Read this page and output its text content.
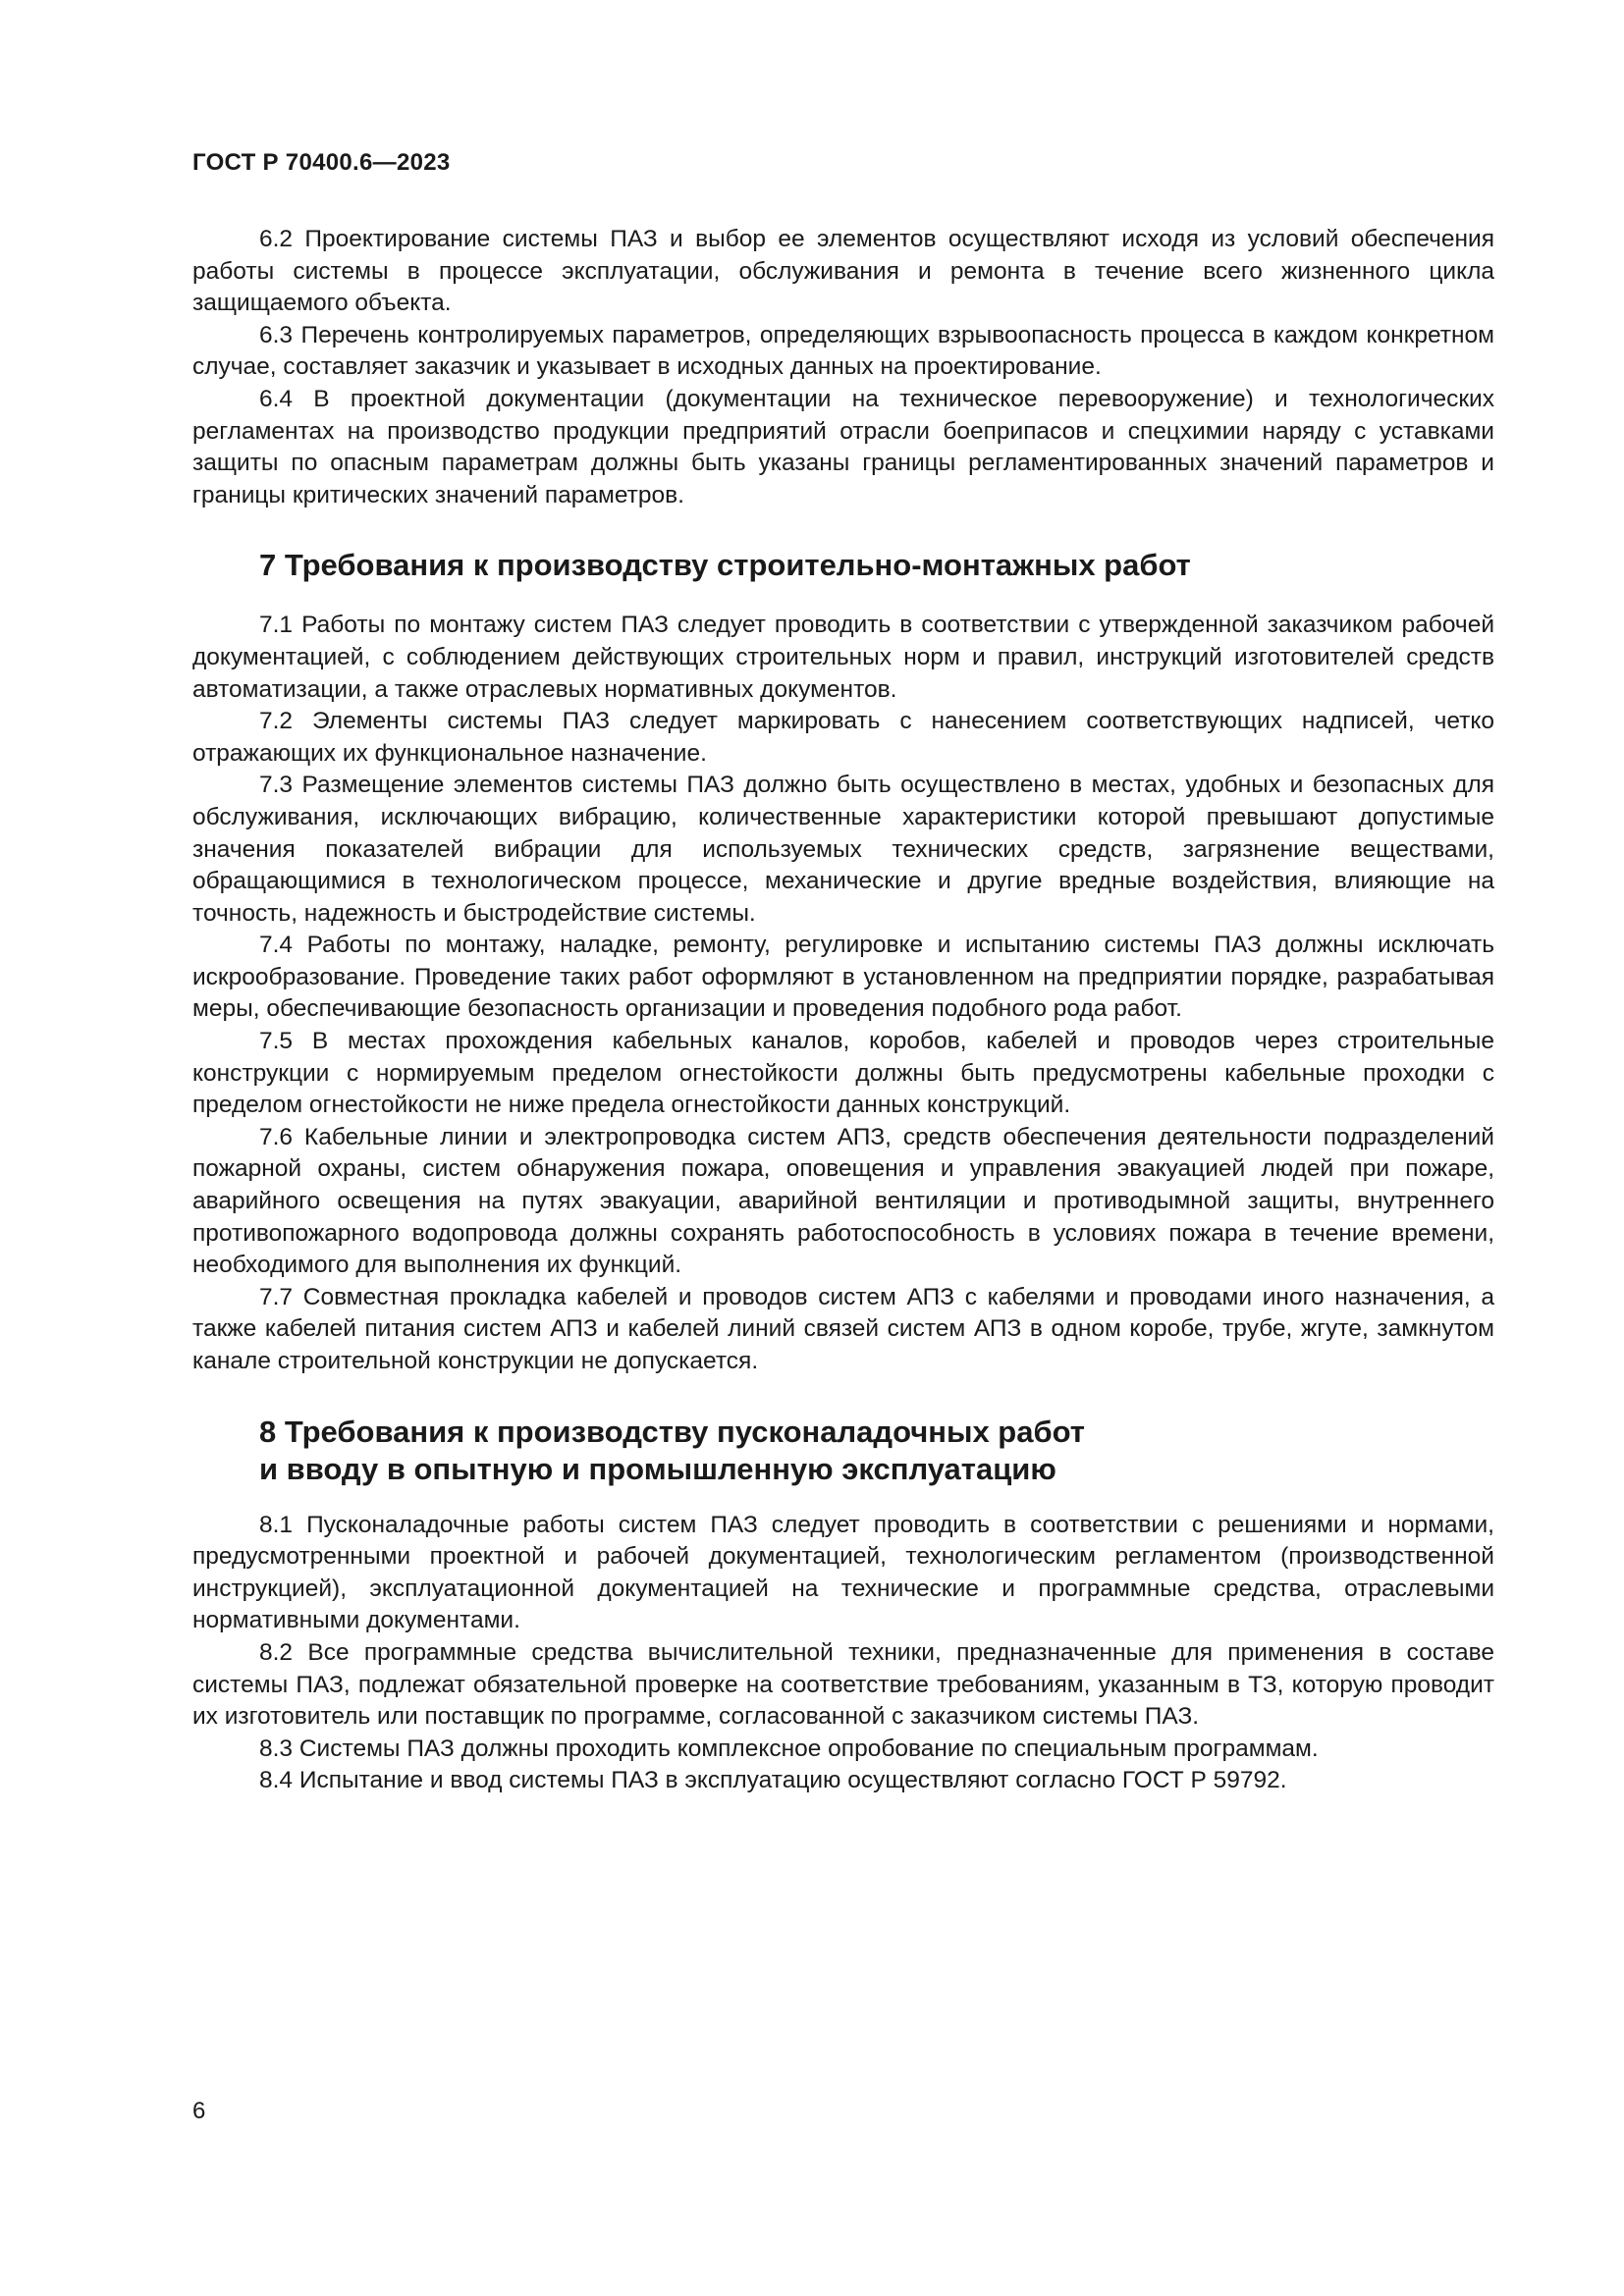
ГОСТ Р 70400.6—2023

6.2 Проектирование системы ПАЗ и выбор ее элементов осуществляют исходя из условий обеспечения работы системы в процессе эксплуатации, обслуживания и ремонта в течение всего жизненного цикла защищаемого объекта.

6.3 Перечень контролируемых параметров, определяющих взрывоопасность процесса в каждом конкретном случае, составляет заказчик и указывает в исходных данных на проектирование.

6.4 В проектной документации (документации на техническое перевооружение) и технологических регламентах на производство продукции предприятий отрасли боеприпасов и спецхимии наряду с уставками защиты по опасным параметрам должны быть указаны границы регламентированных значений параметров и границы критических значений параметров.

7 Требования к производству строительно-монтажных работ

7.1 Работы по монтажу систем ПАЗ следует проводить в соответствии с утвержденной заказчиком рабочей документацией, с соблюдением действующих строительных норм и правил, инструкций изготовителей средств автоматизации, а также отраслевых нормативных документов.

7.2 Элементы системы ПАЗ следует маркировать с нанесением соответствующих надписей, четко отражающих их функциональное назначение.

7.3 Размещение элементов системы ПАЗ должно быть осуществлено в местах, удобных и безопасных для обслуживания, исключающих вибрацию, количественные характеристики которой превышают допустимые значения показателей вибрации для используемых технических средств, загрязнение веществами, обращающимися в технологическом процессе, механические и другие вредные воздействия, влияющие на точность, надежность и быстродействие системы.

7.4 Работы по монтажу, наладке, ремонту, регулировке и испытанию системы ПАЗ должны исключать искрообразование. Проведение таких работ оформляют в установленном на предприятии порядке, разрабатывая меры, обеспечивающие безопасность организации и проведения подобного рода работ.

7.5 В местах прохождения кабельных каналов, коробов, кабелей и проводов через строительные конструкции с нормируемым пределом огнестойкости должны быть предусмотрены кабельные проходки с пределом огнестойкости не ниже предела огнестойкости данных конструкций.

7.6 Кабельные линии и электропроводка систем АПЗ, средств обеспечения деятельности подразделений пожарной охраны, систем обнаружения пожара, оповещения и управления эвакуацией людей при пожаре, аварийного освещения на путях эвакуации, аварийной вентиляции и противодымной защиты, внутреннего противопожарного водопровода должны сохранять работоспособность в условиях пожара в течение времени, необходимого для выполнения их функций.

7.7 Совместная прокладка кабелей и проводов систем АПЗ с кабелями и проводами иного назначения, а также кабелей питания систем АПЗ и кабелей линий связей систем АПЗ в одном коробе, трубе, жгуте, замкнутом канале строительной конструкции не допускается.

8 Требования к производству пусконаладочных работ
и вводу в опытную и промышленную эксплуатацию

8.1 Пусконаладочные работы систем ПАЗ следует проводить в соответствии с решениями и нормами, предусмотренными проектной и рабочей документацией, технологическим регламентом (производственной инструкцией), эксплуатационной документацией на технические и программные средства, отраслевыми нормативными документами.

8.2 Все программные средства вычислительной техники, предназначенные для применения в составе системы ПАЗ, подлежат обязательной проверке на соответствие требованиям, указанным в ТЗ, которую проводит их изготовитель или поставщик по программе, согласованной с заказчиком системы ПАЗ.

8.3 Системы ПАЗ должны проходить комплексное опробование по специальным программам.

8.4 Испытание и ввод системы ПАЗ в эксплуатацию осуществляют согласно ГОСТ Р 59792.

6
